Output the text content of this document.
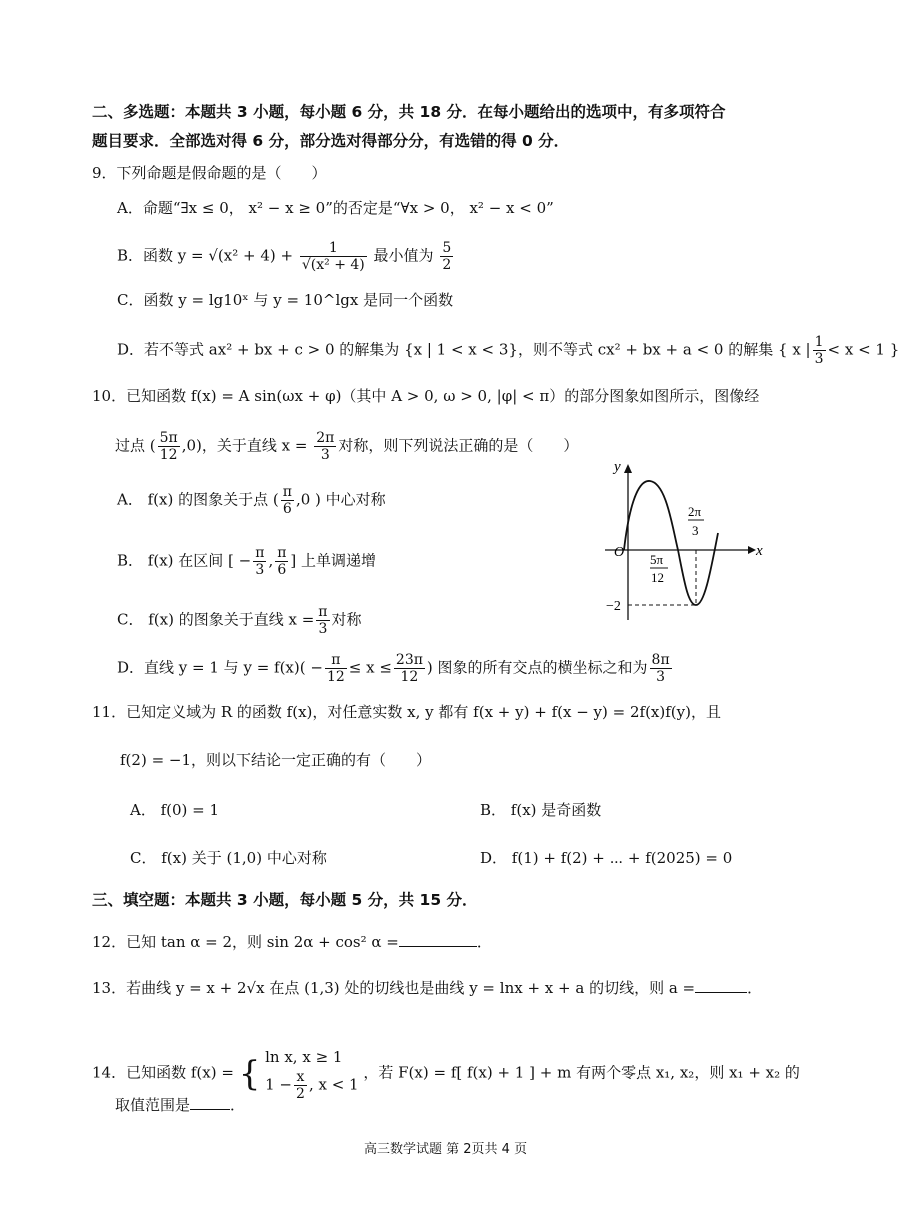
二、多选题：本题共 3 小题，每小题 6 分，共 18 分．在每小题给出的选项中，有多项符合
题目要求．全部选对得 6 分，部分选对得部分分，有选错的得 0 分．
9．下列命题是假命题的是（　　）
A．命题“∃x ≤ 0， x² − x ≥ 0”的否定是“∀x > 0， x² − x < 0”
B．函数 $y = √(x^2 + 4) + \frac{1}{\text{√(x² + 4)}}$ 最小值为 $\frac{5}{2}$
C．函数 y = lg10ˣ 与 y = 10^lgx 是同一个函数
D．若不等式 ax² + bx + c > 0 的解集为 {x | 1 < x < 3}，则不等式 cx² + bx + a < 0 的解集 { x | $\frac{1}{3} < x < 1$ }
10．已知函数 f(x) = A sin(ωx + φ)（其中 A > 0, ω > 0, |φ| < π）的部分图象如图所示，图像经
过点 ( $\frac{5\pi}{12} ,0$)，关于直线 $x = \frac{2\pi}{3}$ 对称，则下列说法正确的是（　　）
A． f(x) 的图象关于点 ( $\frac{\pi}{6} ,0$ ) 中心对称
B． f(x) 在区间 [ − $\frac{\pi}{3}$ , $\frac{\pi}{6}$ ] 上单调递增
C． f(x) 的图象关于直线 $x = \frac{\pi}{3}$ 对称
D．直线 y = 1 与 $y = f(x)( - \frac{\pi}{12} \le x \le \frac{23\pi}{12}$ ) 图象的所有交点的横坐标之和为 $\frac{8\pi}{3}$
y
x
O 5π
12
2π
3
−2
11．已知定义域为 R 的函数 f(x)，对任意实数 x, y 都有 f(x + y) + f(x − y) = 2f(x)f(y)，且
f(2) = −1，则以下结论一定正确的有（　　）
A． f(0) = 1	B． f(x) 是奇函数
C． f(x) 关于 (1,0) 中心对称	D． f(1) + f(2) + ⋯ + f(2025) = 0
三、填空题：本题共 3 小题，每小题 5 分，共 15 分．
12．已知 tan α = 2，则 sin 2α + cos² α =	．
13．若曲线 y = x + 2√x 在点 (1,3) 处的切线也是曲线 y = lnx + x + a 的切线，则 a =	．
14．已知函数 f(x) = { ln x, x ≥ 1
$1 - \frac{x}{2}$ , x < 1
，若 F(x) = f[ f(x) + 1 ] + m 有两个零点 x₁, x₂，则 x₁ + x₂ 的
取值范围是	．
高三数学试题 第 2页共 4 页
